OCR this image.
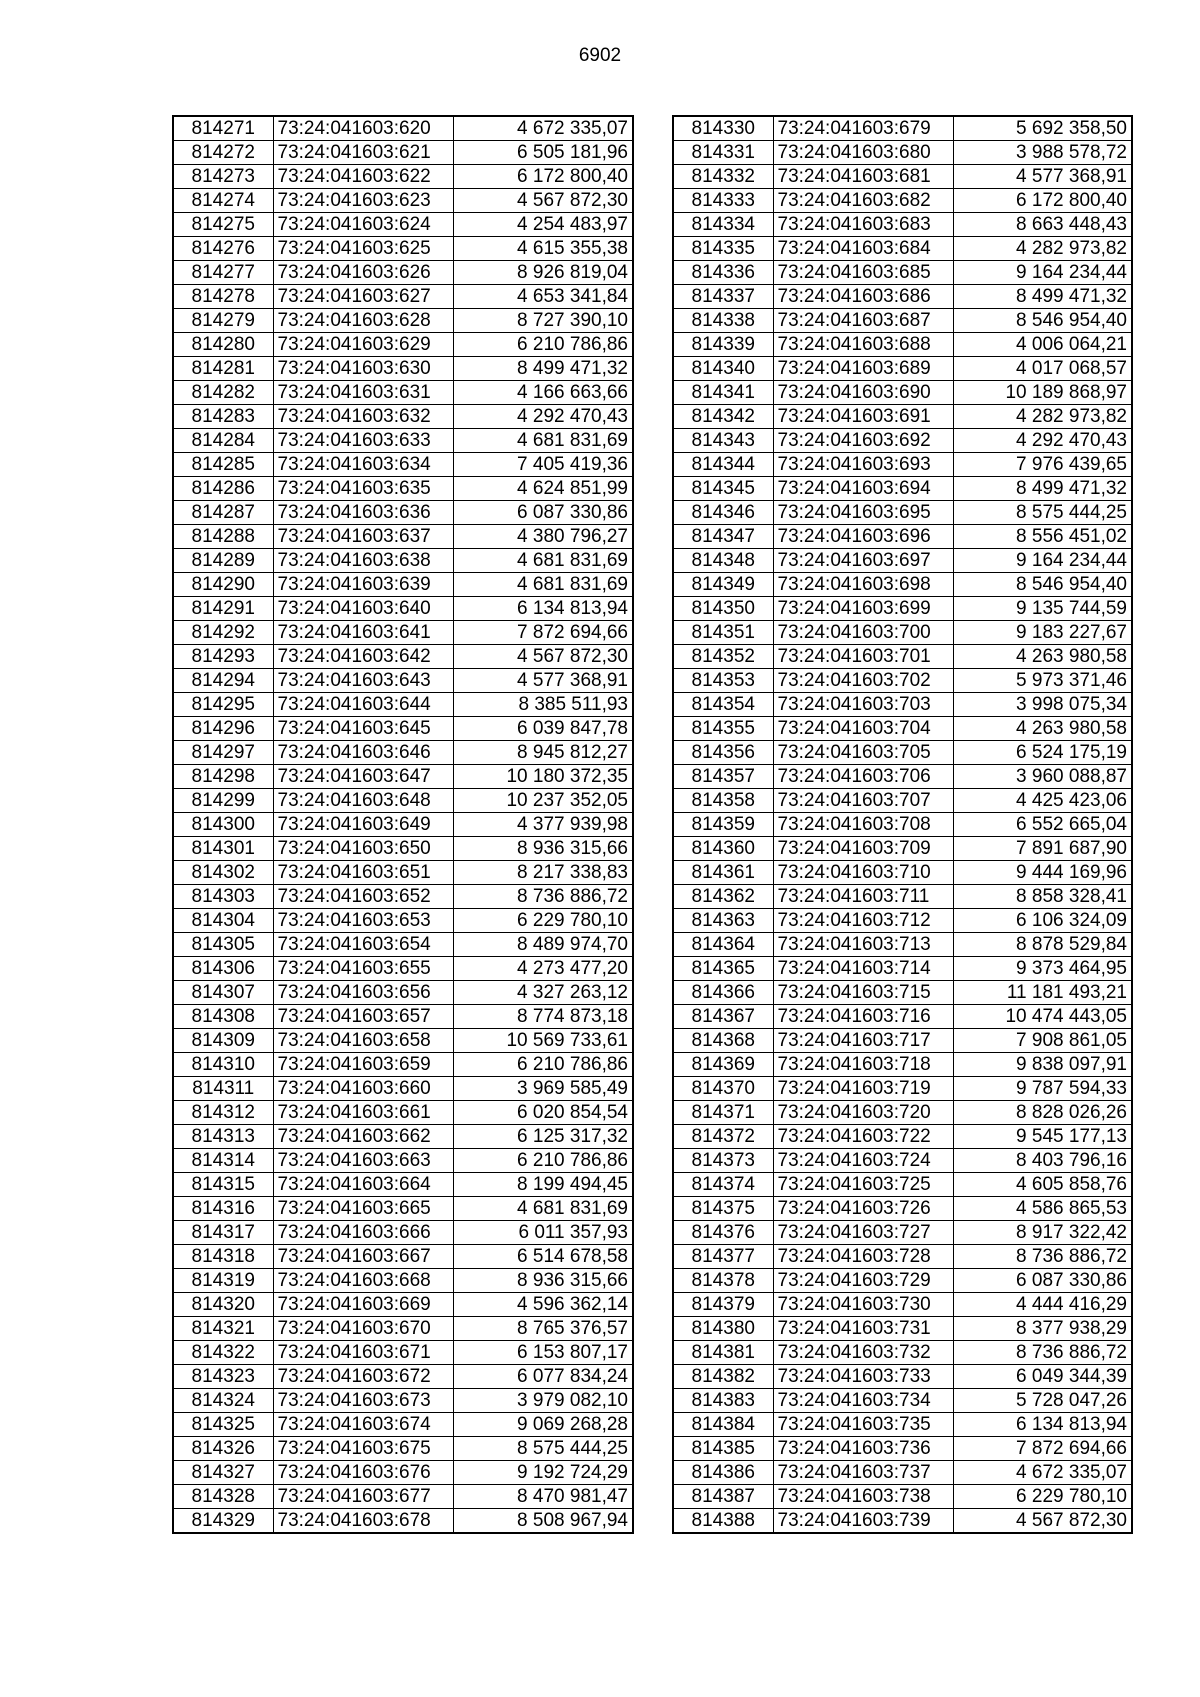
6902
814271	73:24:041603:620	4 672 335,07
814272	73:24:041603:621	6 505 181,96
814273	73:24:041603:622	6 172 800,40
814274	73:24:041603:623	4 567 872,30
814275	73:24:041603:624	4 254 483,97
814276	73:24:041603:625	4 615 355,38
814277	73:24:041603:626	8 926 819,04
814278	73:24:041603:627	4 653 341,84
814279	73:24:041603:628	8 727 390,10
814280	73:24:041603:629	6 210 786,86
814281	73:24:041603:630	8 499 471,32
814282	73:24:041603:631	4 166 663,66
814283	73:24:041603:632	4 292 470,43
814284	73:24:041603:633	4 681 831,69
814285	73:24:041603:634	7 405 419,36
814286	73:24:041603:635	4 624 851,99
814287	73:24:041603:636	6 087 330,86
814288	73:24:041603:637	4 380 796,27
814289	73:24:041603:638	4 681 831,69
814290	73:24:041603:639	4 681 831,69
814291	73:24:041603:640	6 134 813,94
814292	73:24:041603:641	7 872 694,66
814293	73:24:041603:642	4 567 872,30
814294	73:24:041603:643	4 577 368,91
814295	73:24:041603:644	8 385 511,93
814296	73:24:041603:645	6 039 847,78
814297	73:24:041603:646	8 945 812,27
814298	73:24:041603:647	10 180 372,35
814299	73:24:041603:648	10 237 352,05
814300	73:24:041603:649	4 377 939,98
814301	73:24:041603:650	8 936 315,66
814302	73:24:041603:651	8 217 338,83
814303	73:24:041603:652	8 736 886,72
814304	73:24:041603:653	6 229 780,10
814305	73:24:041603:654	8 489 974,70
814306	73:24:041603:655	4 273 477,20
814307	73:24:041603:656	4 327 263,12
814308	73:24:041603:657	8 774 873,18
814309	73:24:041603:658	10 569 733,61
814310	73:24:041603:659	6 210 786,86
814311	73:24:041603:660	3 969 585,49
814312	73:24:041603:661	6 020 854,54
814313	73:24:041603:662	6 125 317,32
814314	73:24:041603:663	6 210 786,86
814315	73:24:041603:664	8 199 494,45
814316	73:24:041603:665	4 681 831,69
814317	73:24:041603:666	6 011 357,93
814318	73:24:041603:667	6 514 678,58
814319	73:24:041603:668	8 936 315,66
814320	73:24:041603:669	4 596 362,14
814321	73:24:041603:670	8 765 376,57
814322	73:24:041603:671	6 153 807,17
814323	73:24:041603:672	6 077 834,24
814324	73:24:041603:673	3 979 082,10
814325	73:24:041603:674	9 069 268,28
814326	73:24:041603:675	8 575 444,25
814327	73:24:041603:676	9 192 724,29
814328	73:24:041603:677	8 470 981,47
814329	73:24:041603:678	8 508 967,94
814330	73:24:041603:679	5 692 358,50
814331	73:24:041603:680	3 988 578,72
814332	73:24:041603:681	4 577 368,91
814333	73:24:041603:682	6 172 800,40
814334	73:24:041603:683	8 663 448,43
814335	73:24:041603:684	4 282 973,82
814336	73:24:041603:685	9 164 234,44
814337	73:24:041603:686	8 499 471,32
814338	73:24:041603:687	8 546 954,40
814339	73:24:041603:688	4 006 064,21
814340	73:24:041603:689	4 017 068,57
814341	73:24:041603:690	10 189 868,97
814342	73:24:041603:691	4 282 973,82
814343	73:24:041603:692	4 292 470,43
814344	73:24:041603:693	7 976 439,65
814345	73:24:041603:694	8 499 471,32
814346	73:24:041603:695	8 575 444,25
814347	73:24:041603:696	8 556 451,02
814348	73:24:041603:697	9 164 234,44
814349	73:24:041603:698	8 546 954,40
814350	73:24:041603:699	9 135 744,59
814351	73:24:041603:700	9 183 227,67
814352	73:24:041603:701	4 263 980,58
814353	73:24:041603:702	5 973 371,46
814354	73:24:041603:703	3 998 075,34
814355	73:24:041603:704	4 263 980,58
814356	73:24:041603:705	6 524 175,19
814357	73:24:041603:706	3 960 088,87
814358	73:24:041603:707	4 425 423,06
814359	73:24:041603:708	6 552 665,04
814360	73:24:041603:709	7 891 687,90
814361	73:24:041603:710	9 444 169,96
814362	73:24:041603:711	8 858 328,41
814363	73:24:041603:712	6 106 324,09
814364	73:24:041603:713	8 878 529,84
814365	73:24:041603:714	9 373 464,95
814366	73:24:041603:715	11 181 493,21
814367	73:24:041603:716	10 474 443,05
814368	73:24:041603:717	7 908 861,05
814369	73:24:041603:718	9 838 097,91
814370	73:24:041603:719	9 787 594,33
814371	73:24:041603:720	8 828 026,26
814372	73:24:041603:722	9 545 177,13
814373	73:24:041603:724	8 403 796,16
814374	73:24:041603:725	4 605 858,76
814375	73:24:041603:726	4 586 865,53
814376	73:24:041603:727	8 917 322,42
814377	73:24:041603:728	8 736 886,72
814378	73:24:041603:729	6 087 330,86
814379	73:24:041603:730	4 444 416,29
814380	73:24:041603:731	8 377 938,29
814381	73:24:041603:732	8 736 886,72
814382	73:24:041603:733	6 049 344,39
814383	73:24:041603:734	5 728 047,26
814384	73:24:041603:735	6 134 813,94
814385	73:24:041603:736	7 872 694,66
814386	73:24:041603:737	4 672 335,07
814387	73:24:041603:738	6 229 780,10
814388	73:24:041603:739	4 567 872,30
